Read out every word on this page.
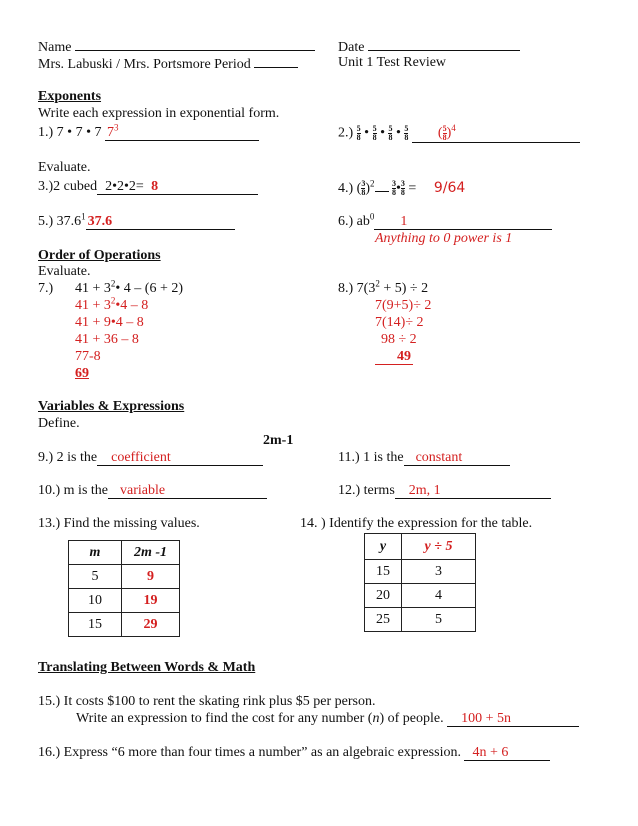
Name	Date
Mrs. Labuski / Mrs. Portsmore Period	Unit 1 Test Review
Exponents
Write each expression in exponential form.
1.) 7 • 7 • 7 $7^3$	$2.) \frac{5}{8}$ • $\frac{5}{8}$ • $\frac{5}{8}$ • $\frac{5}{8}$ ( $\frac{5}{8} )^4$
Evaluate.
3.)2 cubed 2•2•2= 8	4.) ( $\frac{3}{8} )^2 \frac{3}{8}$ • $\frac{3}{8} = 9/64$
5.) 37.6$^1$ 37.6	6.) $ab^0$ 1
Anything to 0 power is 1
Order of Operations
Evaluate.
7.) $41 + 3^2•$ 4 – (6 + 2)
$41 + 3^2•4 - 8$
41 + 9•4 – 8
41 + 36 – 8
77-8
69
8.) $7(3^2 + 5) \div 2$
7(9+5)÷ 2
7(14)÷ 2
98 ÷ 2
49
Variables & Expressions
Define.
2m-1
9.) 2 is the coefficient	11.) 1 is the constant
10.) m is the variable	12.) terms 2m, 1
13.) Find the missing values.	14. ) Identify the expression for the table.
m	2m -1
5	9
10	19
15	29
y	y ÷ 5
15	3
20	4
25	5
Translating Between Words & Math
15.) It costs $100 to rent the skating rink plus $5 per person.
Write an expression to find the cost for any number (n) of people. 100 + 5n
16.) Express “6 more than four times a number” as an algebraic expression. 4n + 6
